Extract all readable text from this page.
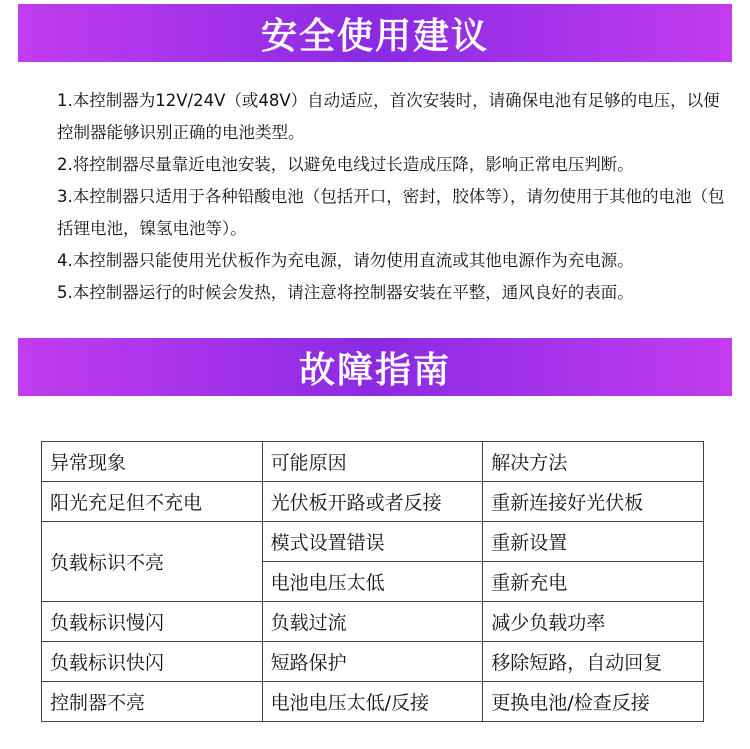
安全使用建议

1.本控制器为12V/24V（或48V）自动适应，首次安装时，请确保电池有足够的电压，以便控制器能够识别正确的电池类型。

2.将控制器尽量靠近电池安装，以避免电线过长造成压降，影响正常电压判断。

3.本控制器只适用于各种铅酸电池（包括开口，密封，胶体等），请勿使用于其他的电池（包括锂电池，镍氢电池等）。

4.本控制器只能使用光伏板作为充电源，请勿使用直流或其他电源作为充电源。

5.本控制器运行的时候会发热，请注意将控制器安装在平整，通风良好的表面。

故障指南
异常现象	可能原因	解决方法
阳光充足但不充电	光伏板开路或者反接	重新连接好光伏板
负载标识不亮	模式设置错误	重新设置
	电池电压太低	重新充电
负载标识慢闪	负载过流	减少负载功率
负载标识快闪	短路保护	移除短路，自动回复
控制器不亮	电池电压太低/反接	更换电池/检查反接
